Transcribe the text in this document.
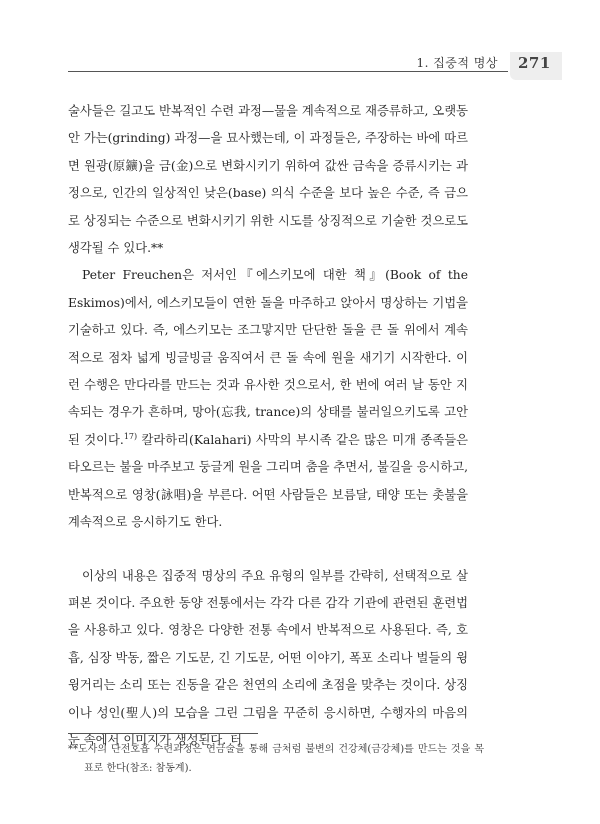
1. 집중적 명상 271

술사들은 길고도 반복적인 수련 과정—물을 계속적으로 재증류하고, 오랫동안 가는(grinding) 과정—을 묘사했는데, 이 과정들은, 주장하는 바에 따르면 원광(原鑛)을 금(金)으로 변화시키기 위하여 값싼 금속을 증류시키는 과정으로, 인간의 일상적인 낮은(base) 의식 수준을 보다 높은 수준, 즉 금으로 상징되는 수준으로 변화시키기 위한 시도를 상징적으로 기술한 것으로도 생각될 수 있다.**

Peter Freuchen은 저서인『에스키모에 대한 책』(Book of the Eskimos)에서, 에스키모들이 연한 돌을 마주하고 앉아서 명상하는 기법을 기술하고 있다. 즉, 에스키모는 조그맣지만 단단한 돌을 큰 돌 위에서 계속적으로 점차 넓게 빙글빙글 움직여서 큰 돌 속에 원을 새기기 시작한다. 이런 수행은 만다라를 만드는 것과 유사한 것으로서, 한 번에 여러 날 동안 지속되는 경우가 흔하며, 망아(忘我, trance)의 상태를 불러일으키도록 고안된 것이다.$^{17)}$ 칼라하리(Kalahari) 사막의 부시족 같은 많은 미개 종족들은 타오르는 불을 마주보고 둥글게 원을 그리며 춤을 추면서, 불길을 응시하고, 반복적으로 영창(詠唱)을 부른다. 어떤 사람들은 보름달, 태양 또는 촛불을 계속적으로 응시하기도 한다.

이상의 내용은 집중적 명상의 주요 유형의 일부를 간략히, 선택적으로 살펴본 것이다. 주요한 동양 전통에서는 각각 다른 감각 기관에 관련된 훈련법을 사용하고 있다. 영창은 다양한 전통 속에서 반복적으로 사용된다. 즉, 호흡, 심장 박동, 짧은 기도문, 긴 기도문, 어떤 이야기, 폭포 소리나 벌들의 윙윙거리는 소리 또는 진동을 같은 천연의 소리에 초점을 맞추는 것이다. 상징이나 성인(聖人)의 모습을 그린 그림을 꾸준히 응시하면, 수행자의 마음의 눈 속에서 이미지가 생성된다. 터

**도사의 단전호흡 수련과정은 연금술을 통해 금처럼 불변의 건강체(금강체)를 만드는 것을 목표로 한다(참조: 참동계).
